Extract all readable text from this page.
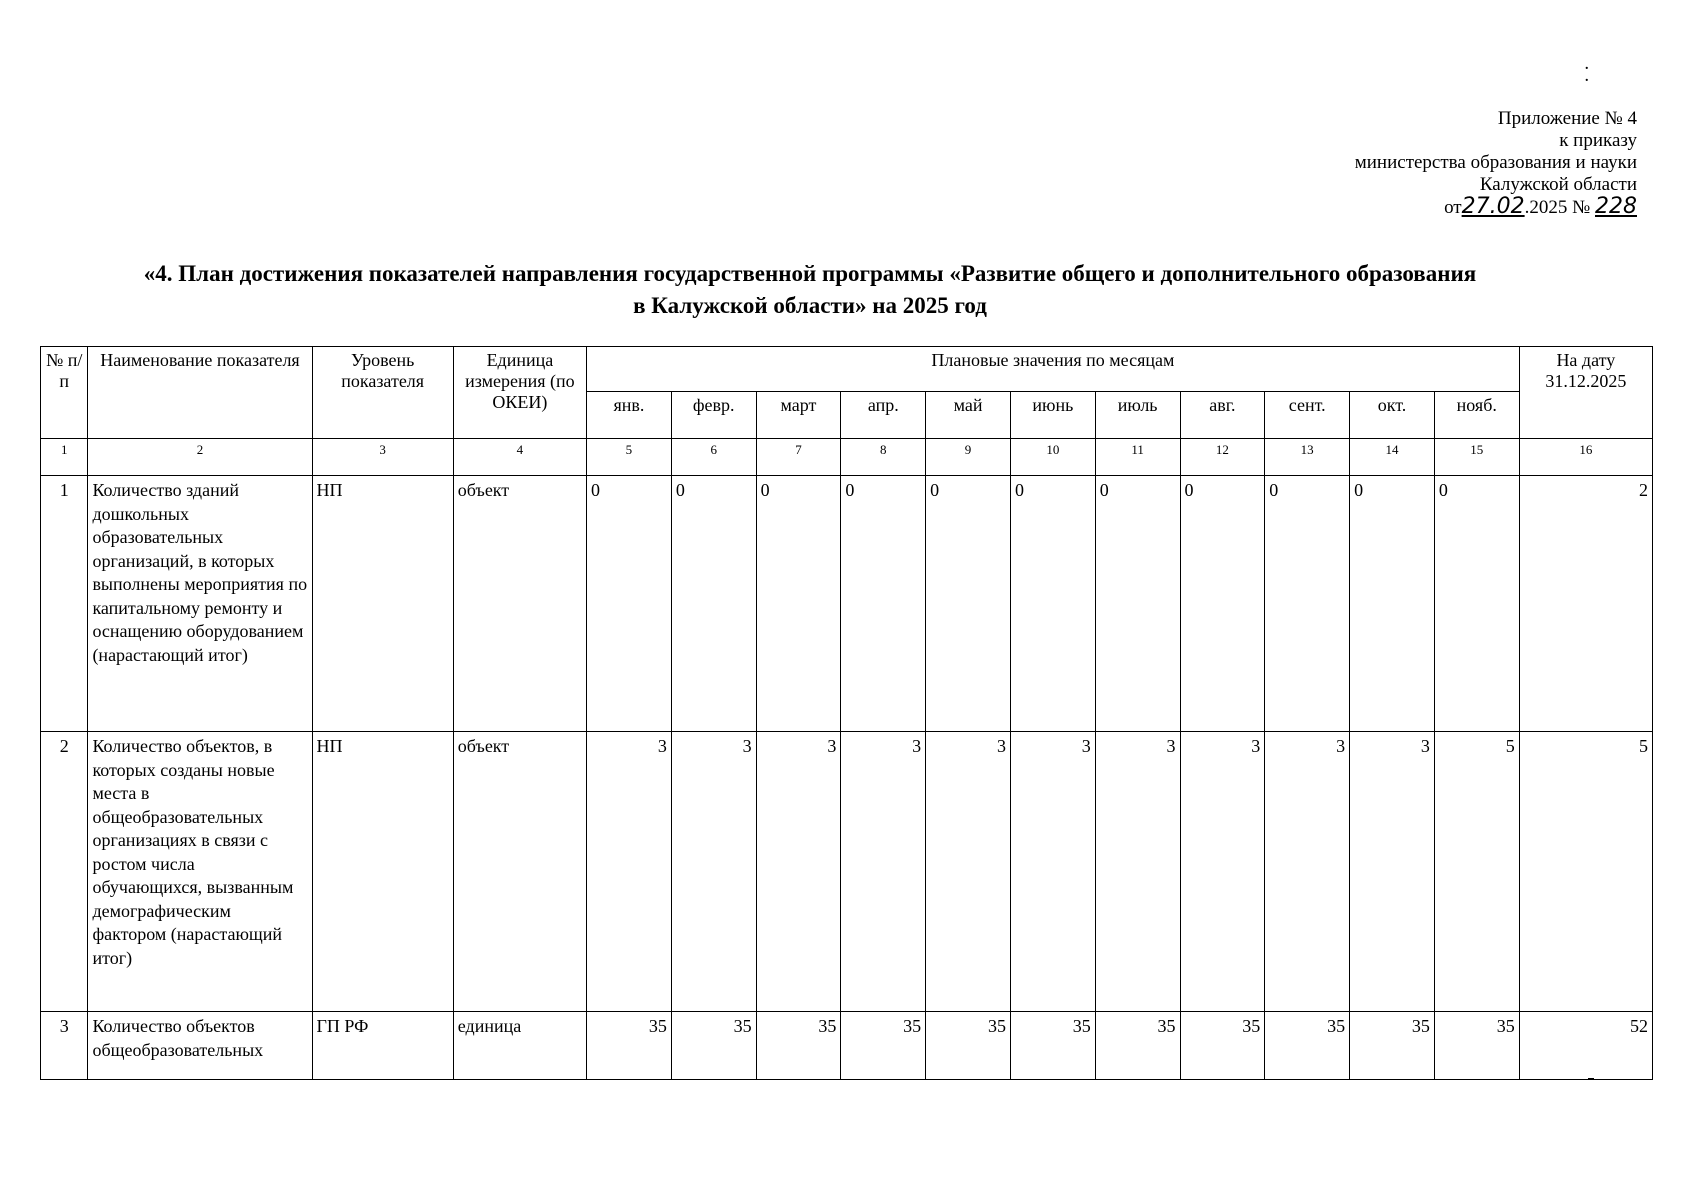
.
.
Приложение № 4
к приказу
министерства образования и науки
Калужской области
от27.02.2025 № 228
«4. План достижения показателей направления государственной программы «Развитие общего и дополнительного образования
в Калужской области» на 2025 год
№ п/п	Наименование показателя	Уровень показателя	Единица измерения (по ОКЕИ)	Плановые значения по месяцам											На дату 31.12.2025
				янв.	февр.	март	апр.	май	июнь	июль	авг.	сент.	окт.	нояб.	
1	2	3	4	5	6	7	8	9	10	11	12	13	14	15	16
1	Количество зданий дошкольных образовательных организаций, в которых выполнены мероприятия по капитальному ремонту и оснащению оборудованием (нарастающий итог)	НП	объект	0	0	0	0	0	0	0	0	0	0	0	2
2	Количество объектов, в которых созданы новые места в общеобразовательных организациях в связи с ростом числа обучающихся, вызванным демографическим фактором (нарастающий итог)	НП	объект	3	3	3	3	3	3	3	3	3	3	5	5
3	Количество объектов общеобразовательных	ГП РФ	единица	35	35	35	35	35	35	35	35	35	35	35	52
